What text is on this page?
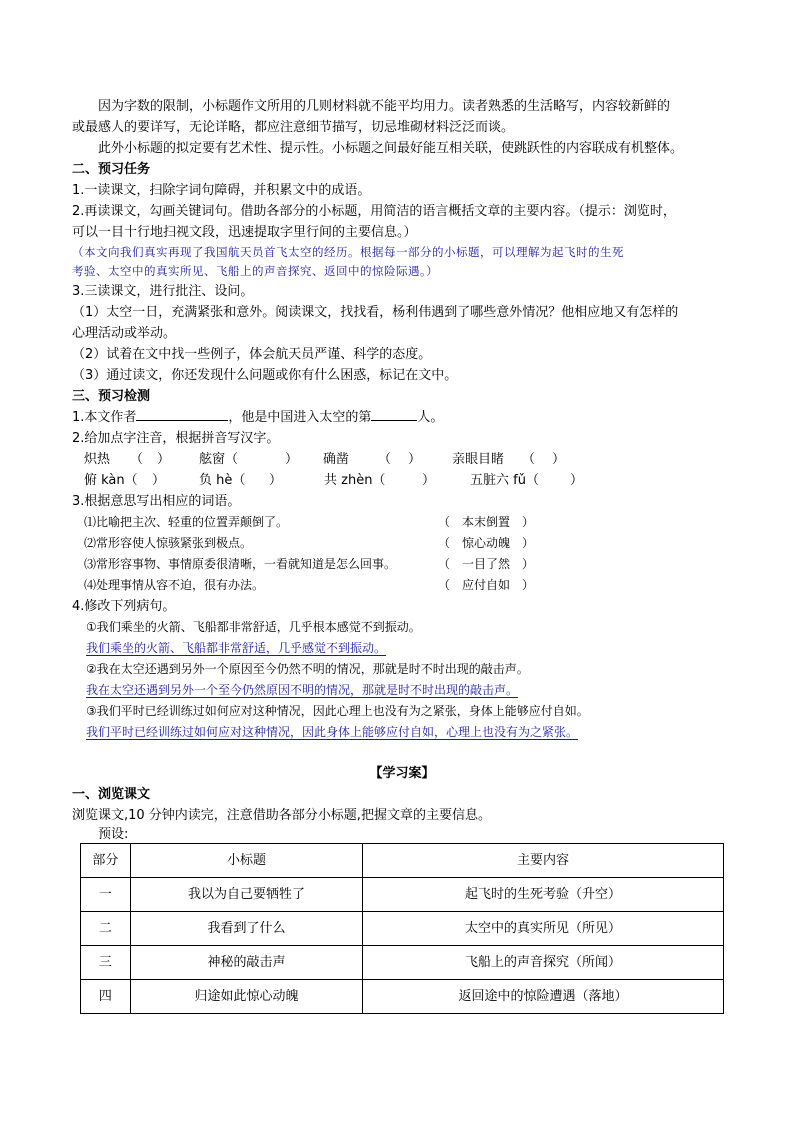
因为字数的限制，小标题作文所用的几则材料就不能平均用力。读者熟悉的生活略写，内容较新鲜的
或最感人的要详写，无论详略，都应注意细节描写，切忌堆砌材料泛泛而谈。
此外小标题的拟定要有艺术性、提示性。小标题之间最好能互相关联，使跳跃性的内容联成有机整体。
二、预习任务
1.一读课文，扫除字词句障碍，并积累文中的成语。
2.再读课文，勾画关键词句。借助各部分的小标题，用简洁的语言概括文章的主要内容。（提示：浏览时，
可以一目十行地扫视文段，迅速提取字里行间的主要信息。）
（本文向我们真实再现了我国航天员首飞太空的经历。根据每一部分的小标题，可以理解为起飞时的生死
考验、太空中的真实所见、飞船上的声音探究、返回中的惊险际遇。）
3.三读课文，进行批注、设问。
（1）太空一日，充满紧张和意外。阅读课文，找找看，杨利伟遇到了哪些意外情况？他相应地又有怎样的
心理活动或举动。
（2）试着在文中找一些例子，体会航天员严谨、科学的态度。
（3）通过读文，你还发现什么问题或你有什么困惑，标记在文中。
三、预习检测
1.本文作者	，他是中国进入太空的第	人。
2.给加点字注音，根据拼音写汉字。
炽热	（	）	舷窗（	）	确凿	（	）	亲眼目睹	（	）
俯 kàn（	）	负 hè（	）	共 zhèn（	）	五脏六 fǔ（	）
3.根据意思写出相应的词语。
⑴比喻把主次、轻重的位置弄颠倒了。	（　本末倒置　）
⑵常形容使人惊骇紧张到极点。	（　惊心动魄　）
⑶常形容事物、事情原委很清晰，一看就知道是怎么回事。	（　一目了然　）
⑷处理事情从容不迫，很有办法。	（　应付自如　）
4.修改下列病句。
①我们乘坐的火箭、飞船都非常舒适，几乎根本感觉不到振动。
我们乘坐的火箭、飞船都非常舒适，几乎感觉不到振动。
②我在太空还遇到另外一个原因至今仍然不明的情况，那就是时不时出现的敲击声。
我在太空还遇到另外一个至今仍然原因不明的情况，那就是时不时出现的敲击声。
③我们平时已经训练过如何应对这种情况，因此心理上也没有为之紧张，身体上能够应付自如。
我们平时已经训练过如何应对这种情况，因此身体上能够应付自如，心理上也没有为之紧张。
【学习案】
一、浏览课文
浏览课文,10 分钟内读完，注意借助各部分小标题,把握文章的主要信息。
预设:
部分	小标题	主要内容
一	我以为自己要牺牲了	起飞时的生死考验（升空）
二	我看到了什么	太空中的真实所见（所见）
三	神秘的敲击声	飞船上的声音探究（所闻）
四	归途如此惊心动魄	返回途中的惊险遭遇（落地）
